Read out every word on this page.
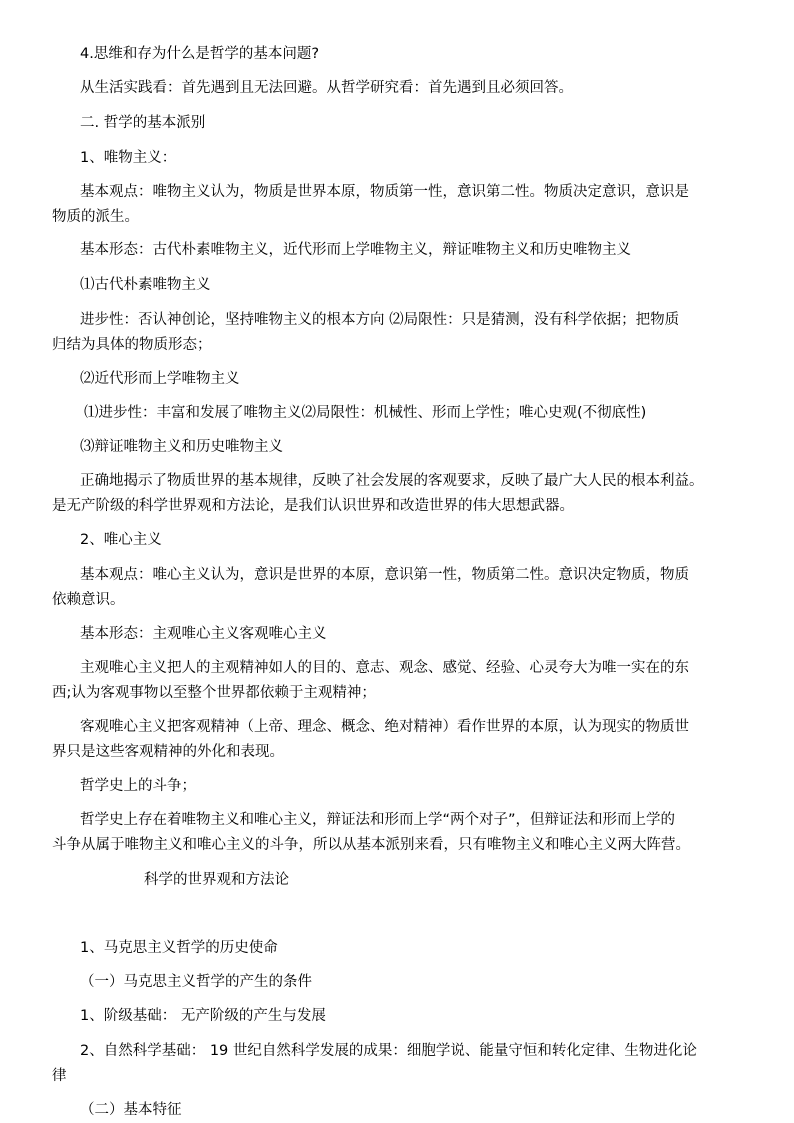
4.思维和存为什么是哲学的基本问题?
从生活实践看：首先遇到且无法回避。从哲学研究看：首先遇到且必须回答。
二. 哲学的基本派别
1、唯物主义：
基本观点：唯物主义认为，物质是世界本原，物质第一性，意识第二性。物质决定意识，意识是
物质的派生。
基本形态：古代朴素唯物主义，近代形而上学唯物主义，辩证唯物主义和历史唯物主义
⑴古代朴素唯物主义
进步性：否认神创论，坚持唯物主义的根本方向 ⑵局限性：只是猜测，没有科学依据；把物质
归结为具体的物质形态；
⑵近代形而上学唯物主义
⑴进步性：丰富和发展了唯物主义⑵局限性：机械性、形而上学性；唯心史观(不彻底性)
⑶辩证唯物主义和历史唯物主义
正确地揭示了物质世界的基本规律，反映了社会发展的客观要求，反映了最广大人民的根本利益。
是无产阶级的科学世界观和方法论，是我们认识世界和改造世界的伟大思想武器。
2、唯心主义
基本观点：唯心主义认为，意识是世界的本原，意识第一性，物质第二性。意识决定物质，物质
依赖意识。
基本形态：主观唯心主义客观唯心主义
主观唯心主义把人的主观精神如人的目的、意志、观念、感觉、经验、心灵夸大为唯一实在的东
西;认为客观事物以至整个世界都依赖于主观精神；
客观唯心主义把客观精神（上帝、理念、概念、绝对精神）看作世界的本原，认为现实的物质世
界只是这些客观精神的外化和表现。
哲学史上的斗争；
哲学史上存在着唯物主义和唯心主义，辩证法和形而上学“两个对子”，但辩证法和形而上学的
斗争从属于唯物主义和唯心主义的斗争，所以从基本派别来看，只有唯物主义和唯心主义两大阵营。
科学的世界观和方法论
1、马克思主义哲学的历史使命
（一）马克思主义哲学的产生的条件
1、阶级基础： 无产阶级的产生与发展
2、自然科学基础： 19 世纪自然科学发展的成果：细胞学说、能量守恒和转化定律、生物进化论
律
（二）基本特征
